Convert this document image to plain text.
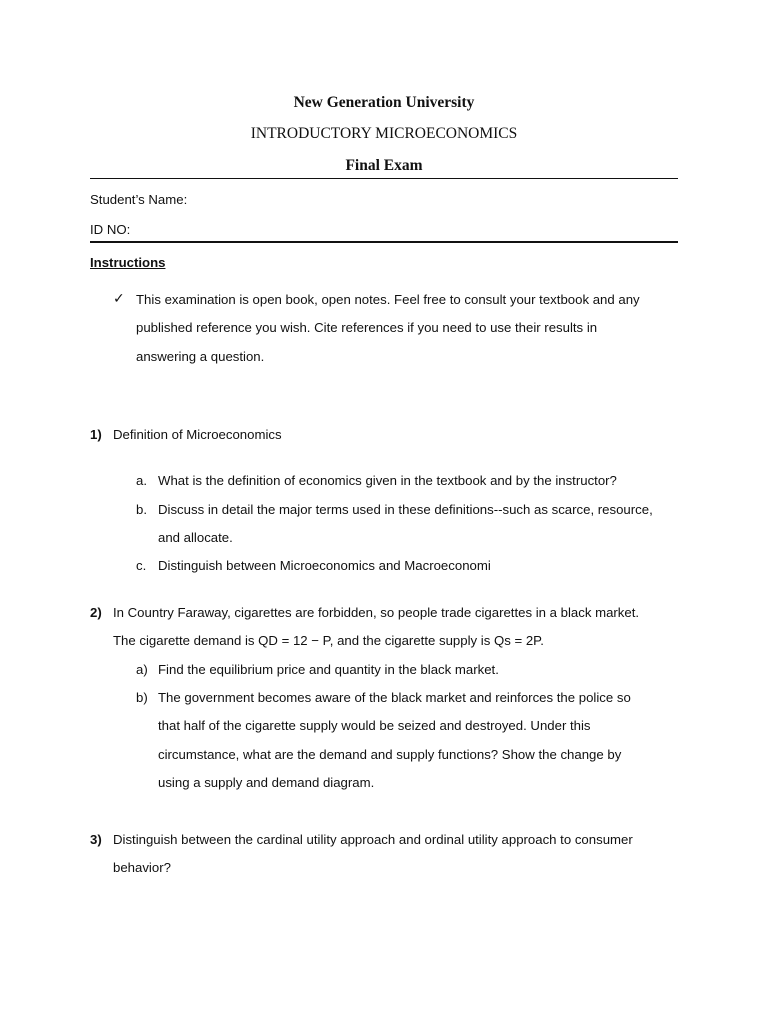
New Generation University
INTRODUCTORY MICROECONOMICS
Final Exam
Student’s Name:
ID NO:
Instructions
✓ This examination is open book, open notes. Feel free to consult your textbook and any
published reference you wish. Cite references if you need to use their results in
answering a question.
1) Definition of Microeconomics
a. What is the definition of economics given in the textbook and by the instructor?
b. Discuss in detail the major terms used in these definitions--such as scarce, resource,
and allocate.
c. Distinguish between Microeconomics and Macroeconomi
2) In Country Faraway, cigarettes are forbidden, so people trade cigarettes in a black market.
The cigarette demand is QD = 12 − P, and the cigarette supply is Qs = 2P.
a) Find the equilibrium price and quantity in the black market.
b) The government becomes aware of the black market and reinforces the police so
that half of the cigarette supply would be seized and destroyed. Under this
circumstance, what are the demand and supply functions? Show the change by
using a supply and demand diagram.
3) Distinguish between the cardinal utility approach and ordinal utility approach to consumer
behavior?
